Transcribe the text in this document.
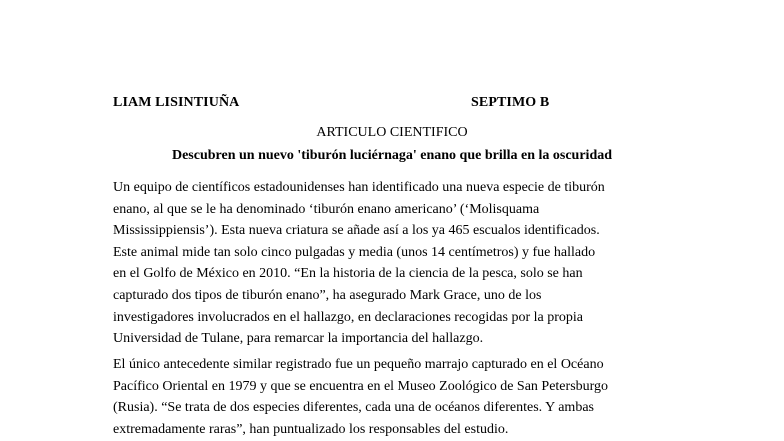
LIAM LISINTIUÑA	SEPTIMO B
ARTICULO CIENTIFICO
Descubren un nuevo 'tiburón luciérnaga' enano que brilla en la oscuridad

Un equipo de científicos estadounidenses han identificado una nueva especie de tiburón
enano, al que se le ha denominado ‘tiburón enano americano’ (‘Molisquama
Mississippiensis’). Esta nueva criatura se añade así a los ya 465 escualos identificados.
Este animal mide tan solo cinco pulgadas y media (unos 14 centímetros) y fue hallado
en el Golfo de México en 2010. “En la historia de la ciencia de la pesca, solo se han
capturado dos tipos de tiburón enano”, ha asegurado Mark Grace, uno de los
investigadores involucrados en el hallazgo, en declaraciones recogidas por la propia
Universidad de Tulane, para remarcar la importancia del hallazgo.

El único antecedente similar registrado fue un pequeño marrajo capturado en el Océano
Pacífico Oriental en 1979 y que se encuentra en el Museo Zoológico de San Petersburgo
(Rusia). “Se trata de dos especies diferentes, cada una de océanos diferentes. Y ambas
extremadamente raras”, han puntualizado los responsables del estudio.
